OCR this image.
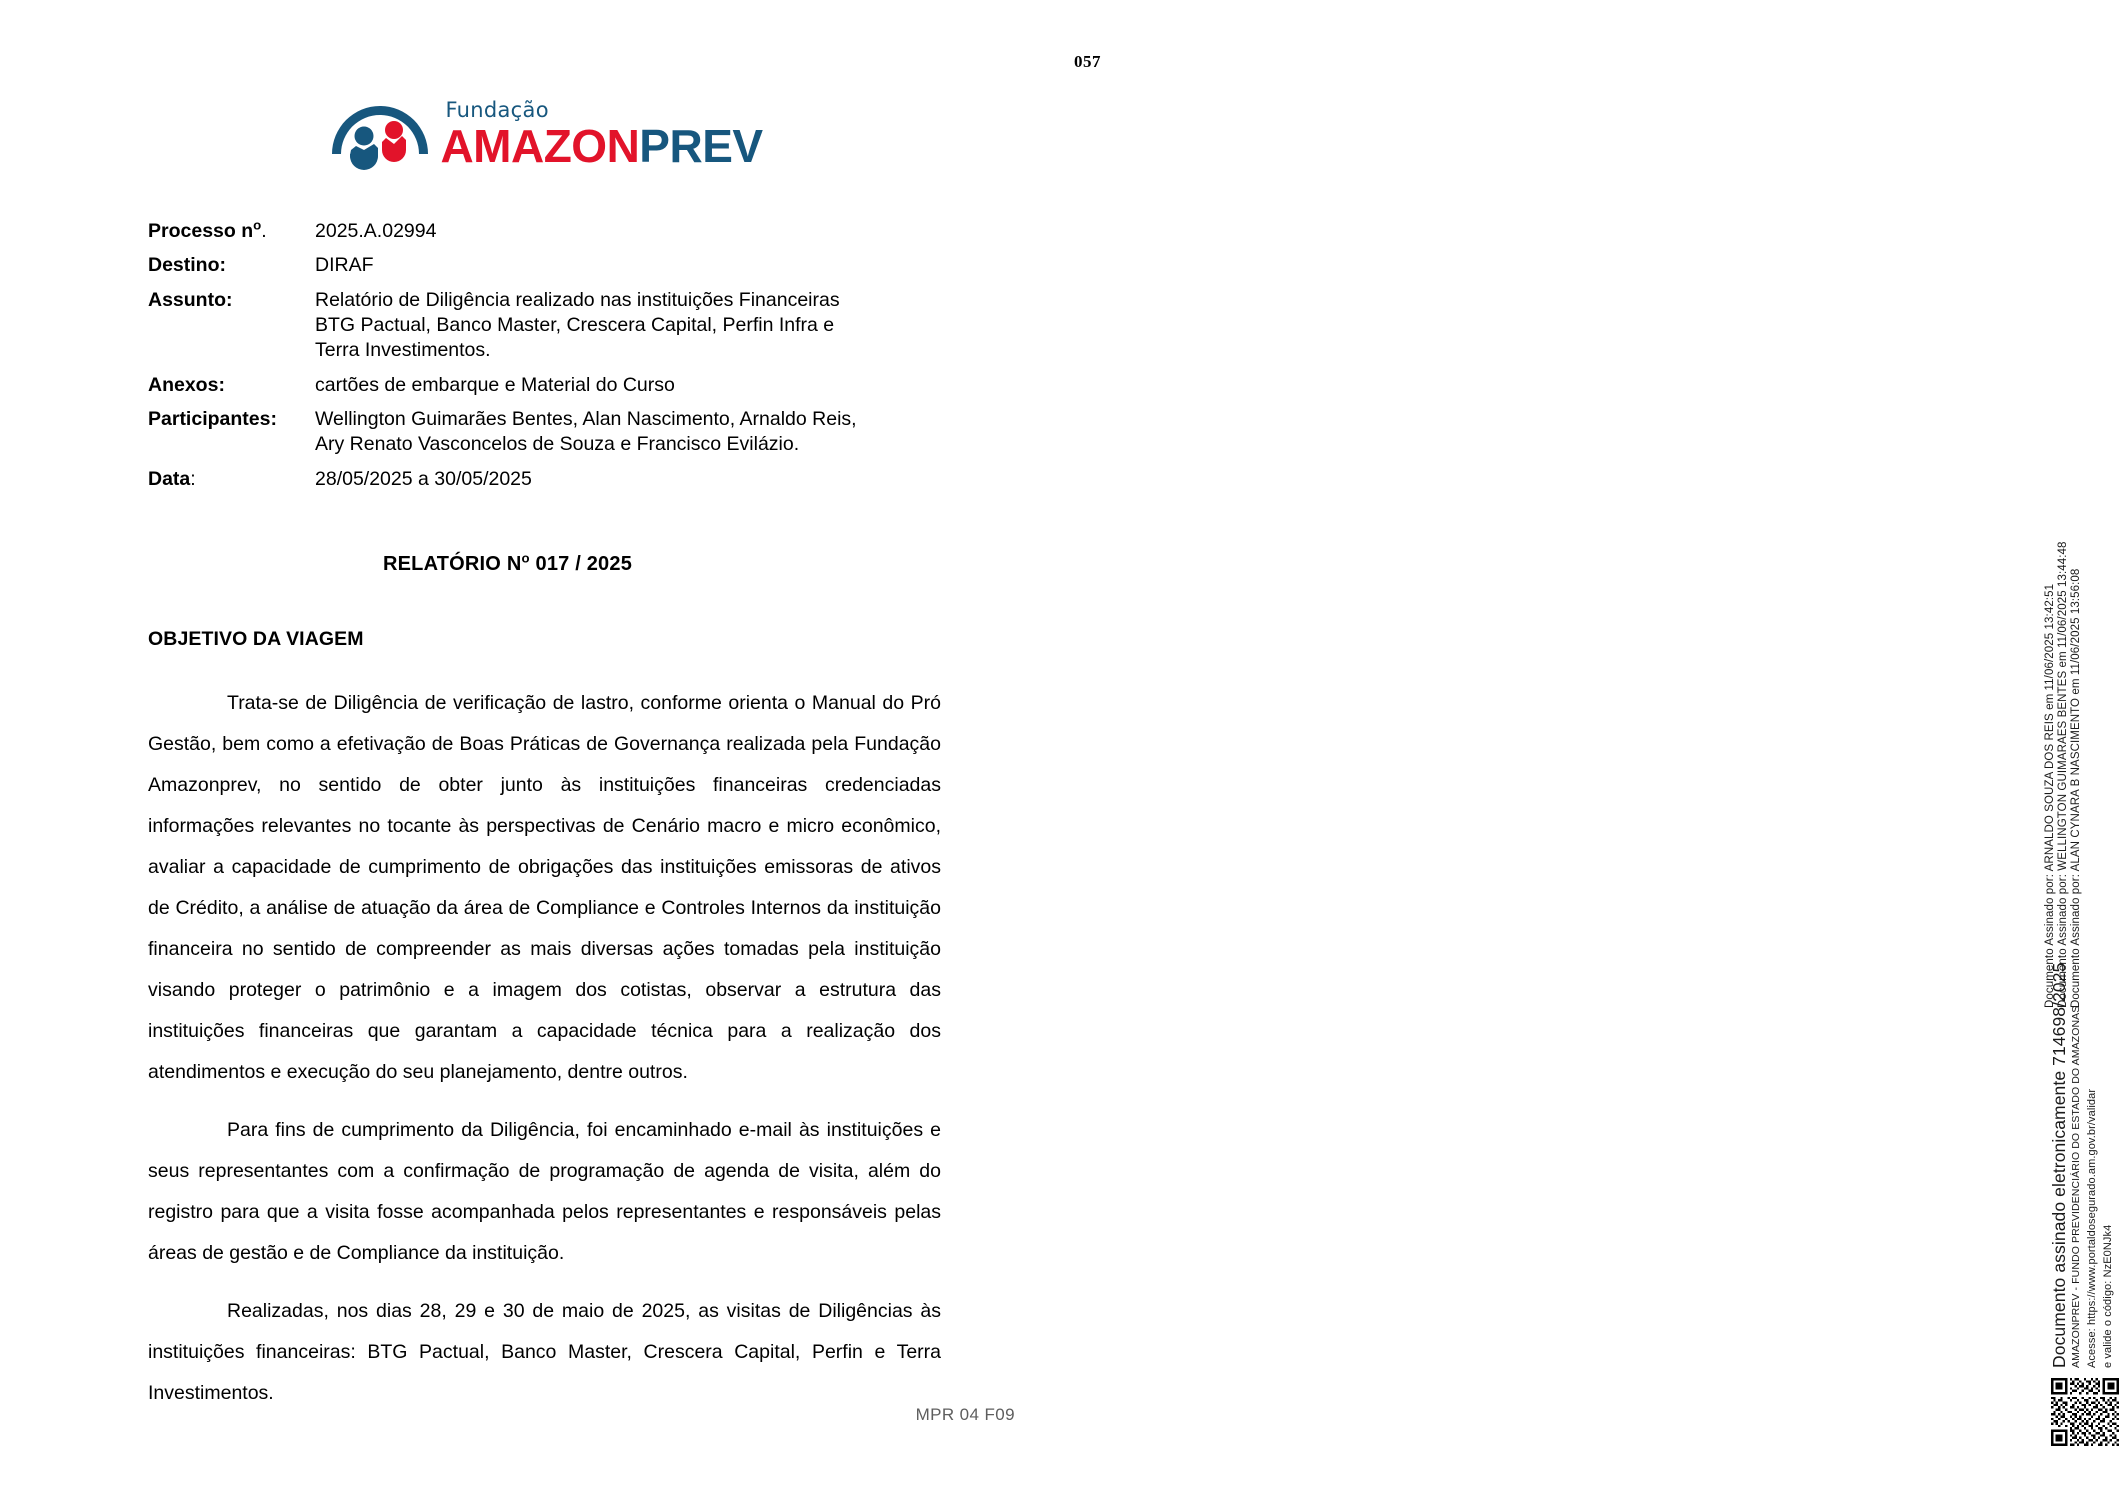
057
Fundação
AMAZONPREV
Processo $n^o$.	2025.A.02994
Destino:	DIRAF
Assunto:	Relatório de Diligência realizado nas instituições Financeiras
BTG Pactual, Banco Master, Crescera Capital, Perfin Infra e
Terra Investimentos.
Anexos:	cartões de embarque e Material do Curso
Participantes:	Wellington Guimarães Bentes, Alan Nascimento, Arnaldo Reis,
Ary Renato Vasconcelos de Souza e Francisco Evilázio.
Data:	28/05/2025 a 30/05/2025
RELATÓRIO $N^o$ 017 / 2025
OBJETIVO DA VIAGEM

Trata-se de Diligência de verificação de lastro, conforme orienta o Manual do Pró Gestão, bem como a efetivação de Boas Práticas de Governança realizada pela Fundação Amazonprev, no sentido de obter junto às instituições financeiras credenciadas informações relevantes no tocante às perspectivas de Cenário macro e micro econômico, avaliar a capacidade de cumprimento de obrigações das instituições emissoras de ativos de Crédito, a análise de atuação da área de Compliance e Controles Internos da instituição financeira no sentido de compreender as mais diversas ações tomadas pela instituição visando proteger o patrimônio e a imagem dos cotistas, observar a estrutura das instituições financeiras que garantam a capacidade técnica para a realização dos atendimentos e execução do seu planejamento, dentre outros.

Para fins de cumprimento da Diligência, foi encaminhado e-mail às instituições e seus representantes com a confirmação de programação de agenda de visita, além do registro para que a visita fosse acompanhada pelos representantes e responsáveis pelas áreas de gestão e de Compliance da instituição.

Realizadas, nos dias 28, 29 e 30 de maio de 2025, as visitas de Diligências às instituições financeiras: BTG Pactual, Banco Master, Crescera Capital, Perfin e Terra Investimentos.

MPR 04 F09
Documento Assinado por: ARNALDO SOUZA DOS REIS em 11/06/2025 13:42:51 Documento Assinado por: WELLINGTON GUIMARAES BENTES em 11/06/2025 13:44:48 Documento Assinado por: ALAN CYNARA B NASCIMENTO em 11/06/2025 13:56:08
Documento assinado eletronicamente 714698/2025 AMAZONPREV - FUNDO PREVIDENCIÁRIO DO ESTADO DO AMAZONAS Acesse: https://www.portaldosegurado.am.gov.br/validar e valide o código: NzE0NJk4
